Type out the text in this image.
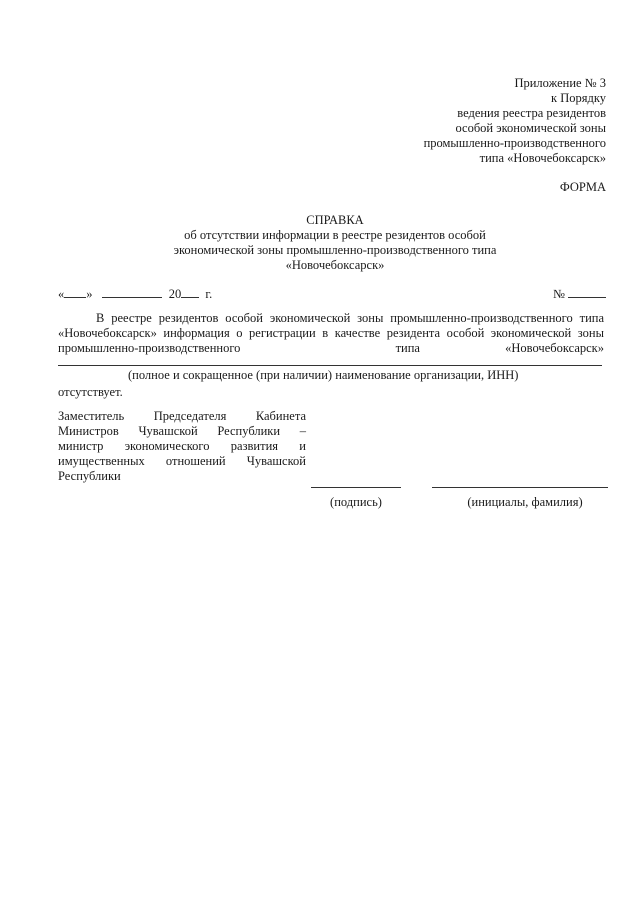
Приложение № 3

к Порядку

ведения реестра резидентов

особой экономической зоны

промышленно-производственного

типа «Новочебоксарск»

ФОРМА

СПРАВКА

об отсутствии информации в реестре резидентов особой

экономической зоны промышленно-производственного типа

«Новочебоксарск»

« »	20 г.	№

В реестре резидентов особой экономической зоны промышленно-производственного типа

«Новочебоксарск» информация о регистрации в качестве резидента особой экономической зоны

промышленно-производственного	типа	«Новочебоксарск»
(полное и сокращенное (при наличии) наименование организации, ИНН)
отсутствует.
Заместитель Председателя Кабинета
Министров Чувашской Республики –
министр экономического развития и
имущественных отношений Чувашской
Республики
(подпись)	(инициалы, фамилия)
